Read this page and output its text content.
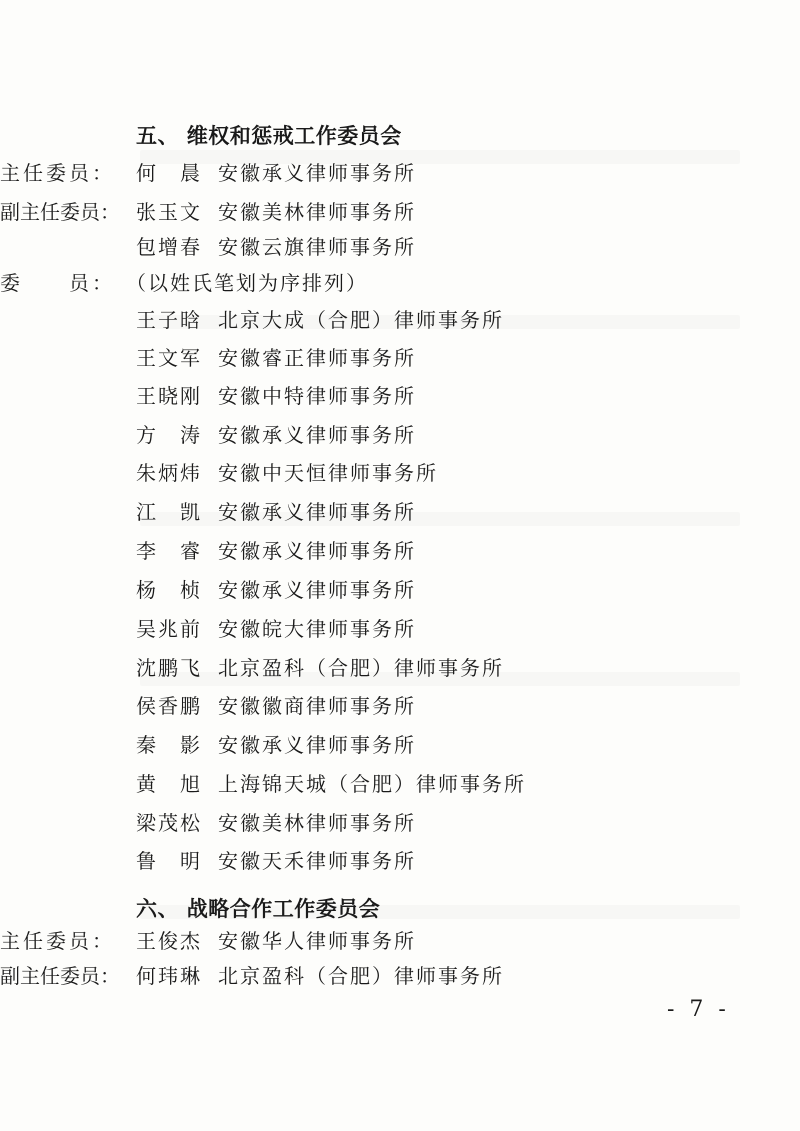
五、 维权和惩戒工作委员会
主任委员：	何　晨 安徽承义律师事务所
副主任委员： 张玉文 安徽美林律师事务所
包增春 安徽云旗律师事务所
委　　员： （以姓氏笔划为序排列）
王子晗 北京大成（合肥）律师事务所
王文军 安徽睿正律师事务所
王晓刚 安徽中特律师事务所
方　涛 安徽承义律师事务所
朱炳炜 安徽中天恒律师事务所
江　凯 安徽承义律师事务所
李　睿 安徽承义律师事务所
杨　桢 安徽承义律师事务所
吴兆前 安徽皖大律师事务所
沈鹏飞 北京盈科（合肥）律师事务所
侯香鹏 安徽徽商律师事务所
秦　影 安徽承义律师事务所
黄　旭 上海锦天城（合肥）律师事务所
梁茂松 安徽美林律师事务所
鲁　明 安徽天禾律师事务所
六、 战略合作工作委员会
主任委员：	王俊杰 安徽华人律师事务所
副主任委员： 何玮琳 北京盈科（合肥）律师事务所
- 7 -
